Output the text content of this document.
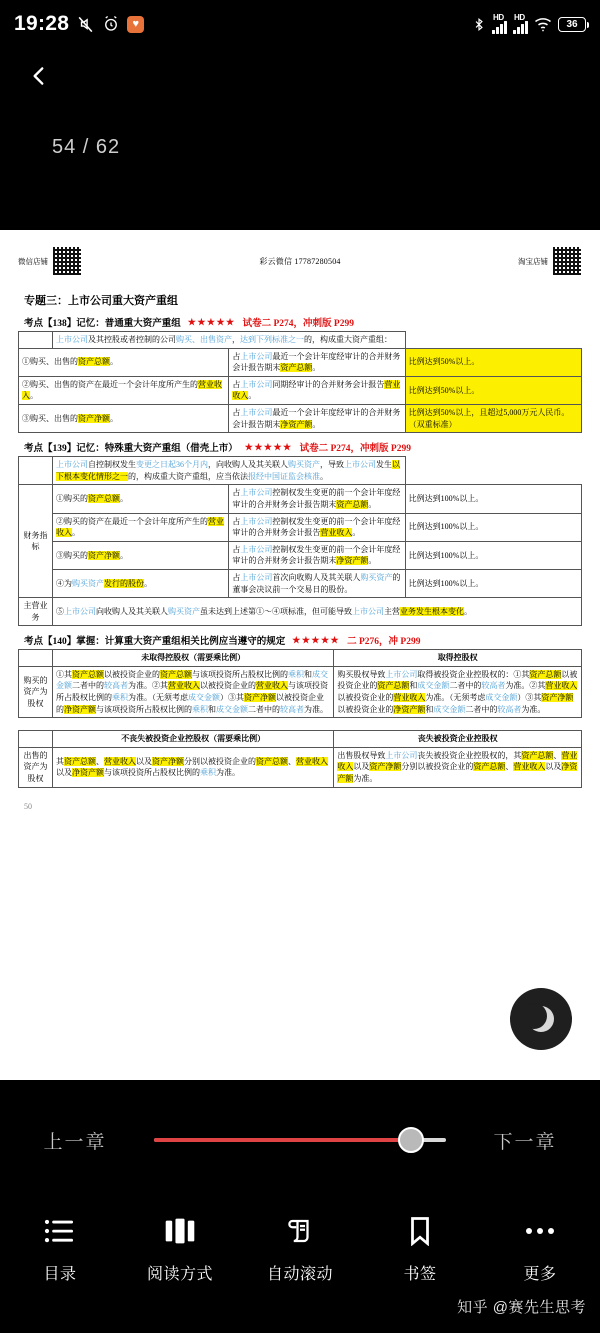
19:28	♥
HD HD
36
54 / 62
微信店铺	彩云微信 17787280504	淘宝店铺
专题三：上市公司重大资产重组
考点【138】记忆：普通重大资产重组 ★★★★★ 试卷二 P274，冲刺版 P299
	上市公司及其控股或者控制的公司购买、出售资产，达到下列标准之一的，构成重大资产重组：		
①购买、出售的资产总额。		占上市公司最近一个会计年度经审计的合并财务会计报告期末资产总额。	比例达到50%以上。
②购买、出售的资产在最近一个会计年度所产生的营业收入。		占上市公司同期经审计的合并财务会计报告营业收入。	比例达到50%以上。
③购买、出售的资产净额。		占上市公司最近一个会计年度经审计的合并财务会计报告期末净资产额。	比例达到50%以上，且超过5,000万元人民币。（双重标准）
考点【139】记忆：特殊重大资产重组（借壳上市） ★★★★★ 试卷二 P274，冲刺版 P299
	上市公司自控制权发生变更之日起36个月内，向收购人及其关联人购买资产，导致上市公司发生以下根本变化情形之一的，构成重大资产重组，应当依法报经中国证监会核准。		
财务指标	①购买的资产总额。	占上市公司控制权发生变更的前一个会计年度经审计的合并财务会计报告期末资产总额。	比例达到100%以上。
	②购买的资产在最近一个会计年度所产生的营业收入。	占上市公司控制权发生变更的前一个会计年度经审计的合并财务会计报告营业收入。	比例达到100%以上。
	③购买的资产净额。	占上市公司控制权发生变更的前一个会计年度经审计的合并财务会计报告期末净资产额。	比例达到100%以上。
	④为购买资产发行的股份。	占上市公司首次向收购人及其关联人购买资产的董事会决议前一个交易日的股份。	比例达到100%以上。
主营业务	⑤上市公司向收购人及其关联人购买资产虽未达到上述第①～④项标准，但可能导致上市公司主营业务发生根本变化。		
考点【140】掌握：计算重大资产重组相关比例应当遵守的规定 ★★★★★ 二 P276，冲 P299
	未取得控股权（需要乘比例）	取得控股权
购买的资产为股权	①其资产总额以被投资企业的资产总额与该项投资所占股权比例的乘积和成交金额二者中的较高者为准。②其营业收入以被投资企业的营业收入与该项投资所占股权比例的乘积为准。（无须考虑成交金额）③其资产净额以被投资企业的净资产额与该项投资所占股权比例的乘积和成交金额二者中的较高者为准。	购买股权导致上市公司取得被投资企业控股权的：①其资产总额以被投资企业的资产总额和成交金额二者中的较高者为准。②其营业收入以被投资企业的营业收入为准。（无须考虑成交金额）③其资产净额以被投资企业的净资产额和成交金额二者中的较高者为准。
	不丧失被投资企业控股权（需要乘比例）	丧失被投资企业控股权
出售的资产为股权	其资产总额、营业收入以及资产净额分别以被投资企业的资产总额、营业收入以及净资产额与该项投资所占股权比例的乘积为准。	出售股权导致上市公司丧失被投资企业控股权的，其资产总额、营业收入以及资产净额分别以被投资企业的资产总额、营业收入以及净资产额为准。
50
上一章	下一章
目录	阅读方式	自动滚动	书签	更多
知乎 @赛先生思考
